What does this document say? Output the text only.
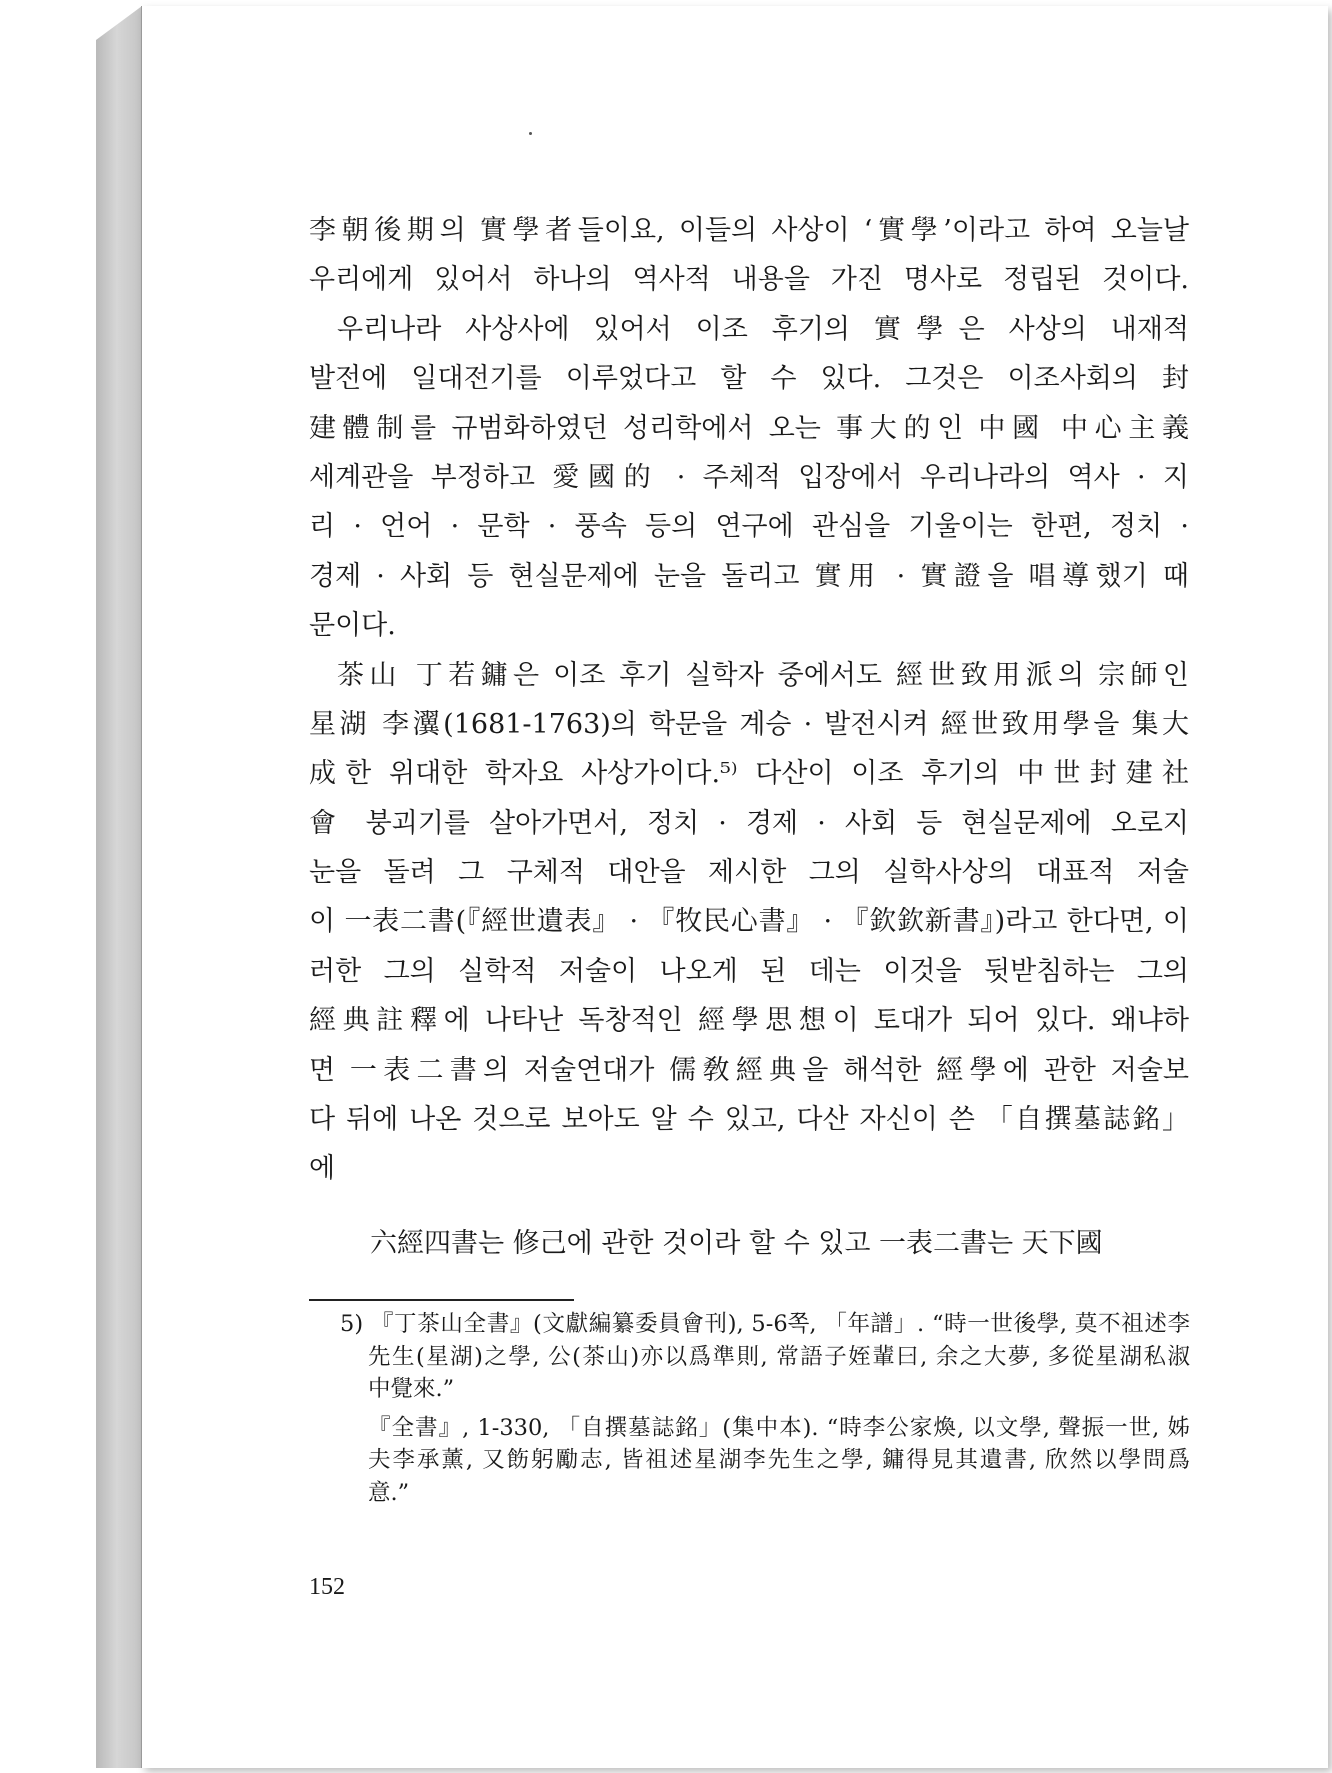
李朝後期의 實學者들이요, 이들의 사상이 ‘實學’이라고 하여 오늘날
우리에게 있어서 하나의 역사적 내용을 가진 명사로 정립된 것이다.
우리나라 사상사에 있어서 이조 후기의 實學은 사상의 내재적
발전에 일대전기를 이루었다고 할 수 있다. 그것은 이조사회의 封
建體制를 규범화하였던 성리학에서 오는 事大的인 中國 中心主義
세계관을 부정하고 愛國的 · 주체적 입장에서 우리나라의 역사 · 지
리 · 언어 · 문학 · 풍속 등의 연구에 관심을 기울이는 한편, 정치 ·
경제 · 사회 등 현실문제에 눈을 돌리고 實用 · 實證을 唱導했기 때
문이다.
茶山 丁若鏞은 이조 후기 실학자 중에서도 經世致用派의 宗師인
星湖 李瀷(1681-1763)의 학문을 계승 · 발전시켜 經世致用學을 集大
成한 위대한 학자요 사상가이다.⁵⁾ 다산이 이조 후기의 中世封建社
會 붕괴기를 살아가면서, 정치 · 경제 · 사회 등 현실문제에 오로지
눈을 돌려 그 구체적 대안을 제시한 그의 실학사상의 대표적 저술
이 一表二書(『經世遺表』 · 『牧民心書』 · 『欽欽新書』)라고 한다면, 이
러한 그의 실학적 저술이 나오게 된 데는 이것을 뒷받침하는 그의
經典註釋에 나타난 독창적인 經學思想이 토대가 되어 있다. 왜냐하
면 一表二書의 저술연대가 儒敎經典을 해석한 經學에 관한 저술보
다 뒤에 나온 것으로 보아도 알 수 있고, 다산 자신이 쓴 「自撰墓誌銘」
에
六經四書는 修己에 관한 것이라 할 수 있고 一表二書는 天下國
5) 『丁茶山全書』(文獻編纂委員會刊), 5-6쪽, 「年譜」. “時一世後學, 莫不祖述李
先生(星湖)之學, 公(茶山)亦以爲準則, 常語子姪輩曰, 余之大夢, 多從星湖私淑
中覺來.”
『全書』, 1-330, 「自撰墓誌銘」(集中本). “時李公家煥, 以文學, 聲振一世, 姊
夫李承薰, 又飭躬勵志, 皆祖述星湖李先生之學, 鏞得見其遺書, 欣然以學問爲
意.”
152
